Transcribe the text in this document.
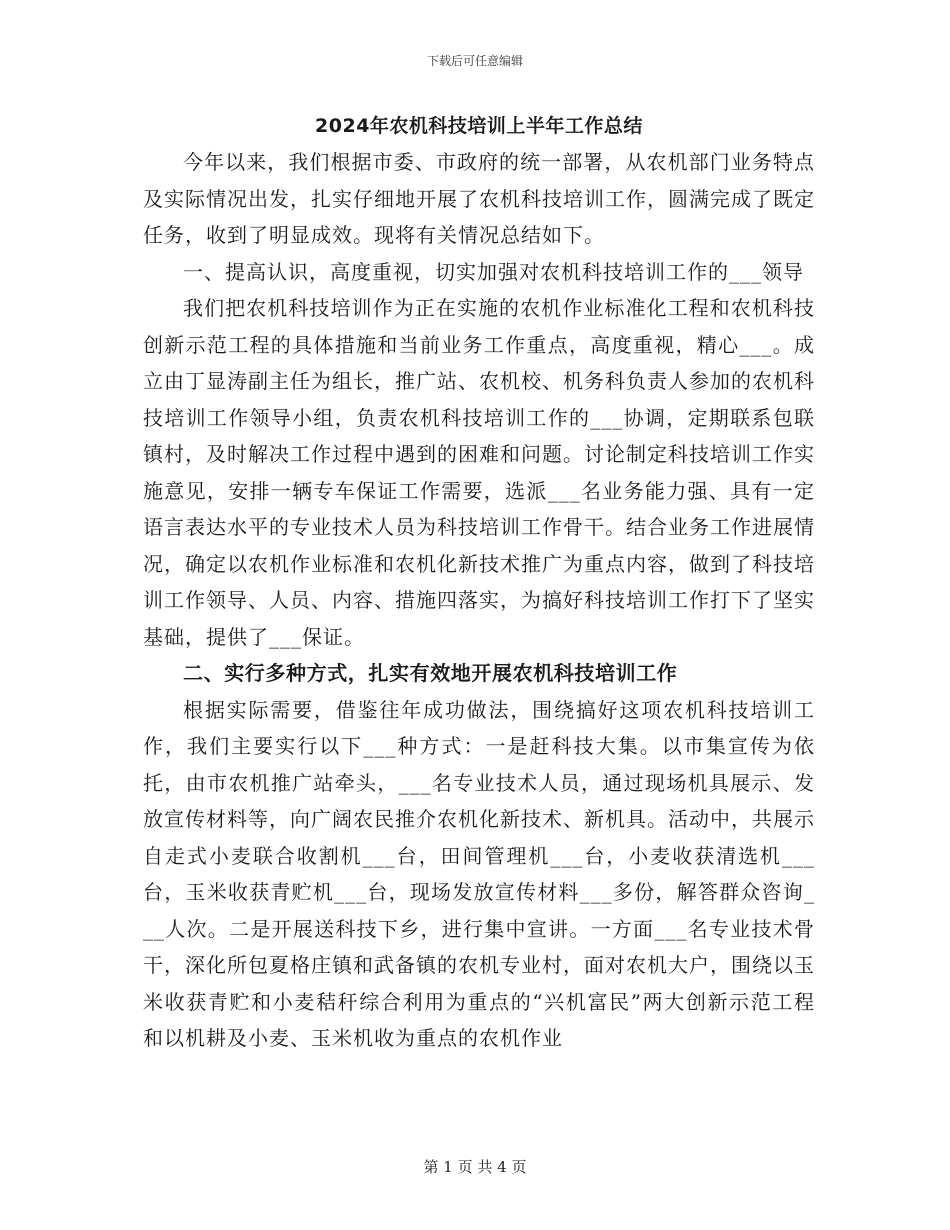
下载后可任意编辑
2024年农机科技培训上半年工作总结

今年以来，我们根据市委、市政府的统一部署，从农机部门业务特点及实际情况出发，扎实仔细地开展了农机科技培训工作，圆满完成了既定任务，收到了明显成效。现将有关情况总结如下。

一、提高认识，高度重视，切实加强对农机科技培训工作的___领导

我们把农机科技培训作为正在实施的农机作业标准化工程和农机科技创新示范工程的具体措施和当前业务工作重点，高度重视，精心___。成立由丁显涛副主任为组长，推广站、农机校、机务科负责人参加的农机科技培训工作领导小组，负责农机科技培训工作的___协调，定期联系包联镇村，及时解决工作过程中遇到的困难和问题。讨论制定科技培训工作实施意见，安排一辆专车保证工作需要，选派___名业务能力强、具有一定语言表达水平的专业技术人员为科技培训工作骨干。结合业务工作进展情况，确定以农机作业标准和农机化新技术推广为重点内容，做到了科技培训工作领导、人员、内容、措施四落实，为搞好科技培训工作打下了坚实基础，提供了___保证。

二、实行多种方式，扎实有效地开展农机科技培训工作

根据实际需要，借鉴往年成功做法，围绕搞好这项农机科技培训工作，我们主要实行以下___种方式：一是赶科技大集。以市集宣传为依托，由市农机推广站牵头，___名专业技术人员，通过现场机具展示、发放宣传材料等，向广阔农民推介农机化新技术、新机具。活动中，共展示自走式小麦联合收割机___台，田间管理机___台，小麦收获清选机___台，玉米收获青贮机___台，现场发放宣传材料___多份，解答群众咨询___人次。二是开展送科技下乡，进行集中宣讲。一方面___名专业技术骨干，深化所包夏格庄镇和武备镇的农机专业村，面对农机大户，围绕以玉米收获青贮和小麦秸秆综合利用为重点的“兴机富民”两大创新示范工程和以机耕及小麦、玉米机收为重点的农机作业

第 1 页 共 4 页
